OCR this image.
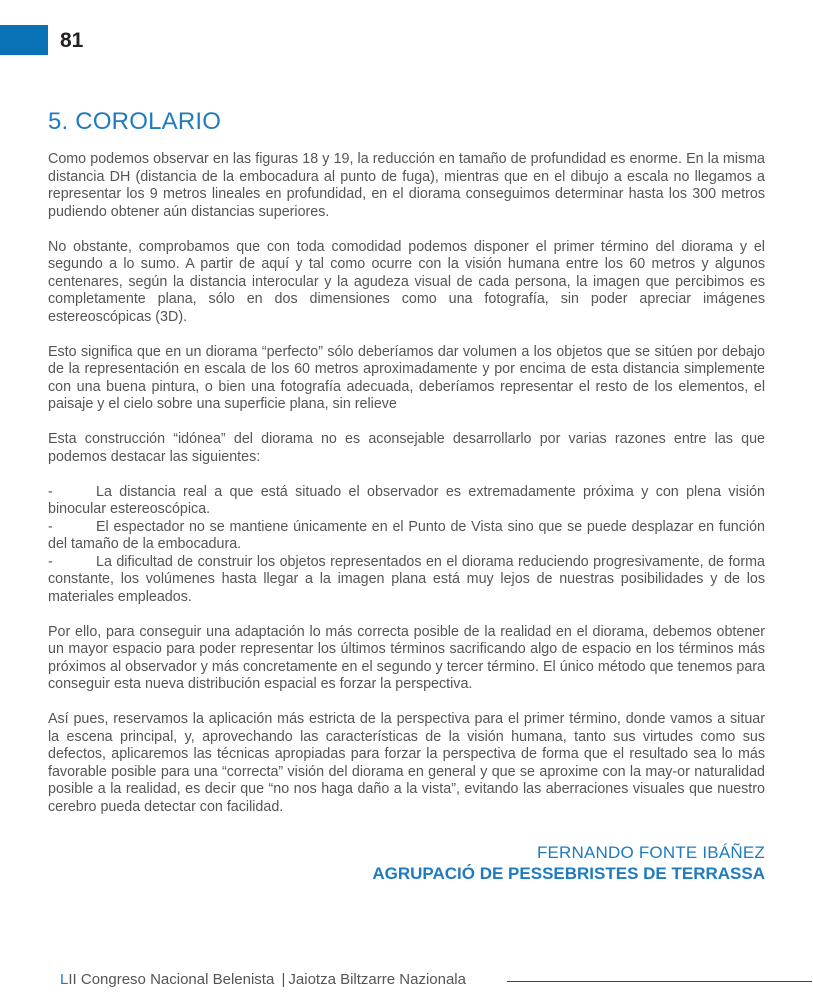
81
5. COROLARIO

Como podemos observar en las figuras 18 y 19, la reducción en tamaño de profundidad es enorme. En la misma distancia DH (distancia de la embocadura al punto de fuga), mientras que en el dibujo a escala no llegamos a representar los 9 metros lineales en profundidad, en el diorama conseguimos determinar hasta los 300 metros pudiendo obtener aún distancias superiores.

No obstante, comprobamos que con toda comodidad podemos disponer el primer término del diorama y el segundo a lo sumo. A partir de aquí y tal como ocurre con la visión humana entre los 60 metros y algunos centenares, según la distancia interocular y la agudeza visual de cada persona, la imagen que percibimos es completamente plana, sólo en dos dimensiones como una fotografía, sin poder apreciar imágenes estereoscópicas (3D).

Esto significa que en un diorama “perfecto” sólo deberíamos dar volumen a los objetos que se sitúen por debajo de la representación en escala de los 60 metros aproximadamente y por encima de esta distancia simplemente con una buena pintura, o bien una fotografía adecuada, deberíamos representar el resto de los elementos, el paisaje y el cielo sobre una superficie plana, sin relieve

Esta construcción “idónea” del diorama no es aconsejable desarrollarlo por varias razones entre las que podemos destacar las siguientes:

-	La distancia real a que está situado el observador es extremadamente próxima y con plena visión binocular estereoscópica.
-	El espectador no se mantiene únicamente en el Punto de Vista sino que se puede desplazar en función del tamaño de la embocadura.
-	La dificultad de construir los objetos representados en el diorama reduciendo progresivamente, de forma constante, los volúmenes hasta llegar a la imagen plana está muy lejos de nuestras posibilidades y de los materiales empleados.

Por ello, para conseguir una adaptación lo más correcta posible de la realidad en el diorama, debemos obtener un mayor espacio para poder representar los últimos términos sacrificando algo de espacio en los términos más próximos al observador y más concretamente en el segundo y tercer término. El único método que tenemos para conseguir esta nueva distribución espacial es forzar la perspectiva.

Así pues, reservamos la aplicación más estricta de la perspectiva para el primer término, donde vamos a situar la escena principal, y, aprovechando las características de la visión humana, tanto sus virtudes como sus defectos, aplicaremos las técnicas apropiadas para forzar la perspectiva de forma que el resultado sea lo más favorable posible para una “correcta” visión del diorama en general y que se aproxime con la may-or naturalidad posible a la realidad, es decir que “no nos haga daño a la vista”, evitando las aberraciones visuales que nuestro cerebro pueda detectar con facilidad.

FERNANDO FONTE IBÁÑEZ
AGRUPACIÓ DE PESSEBRISTES DE TERRASSA
LII Congreso Nacional Belenista | Jaiotza Biltzarre Nazionala
